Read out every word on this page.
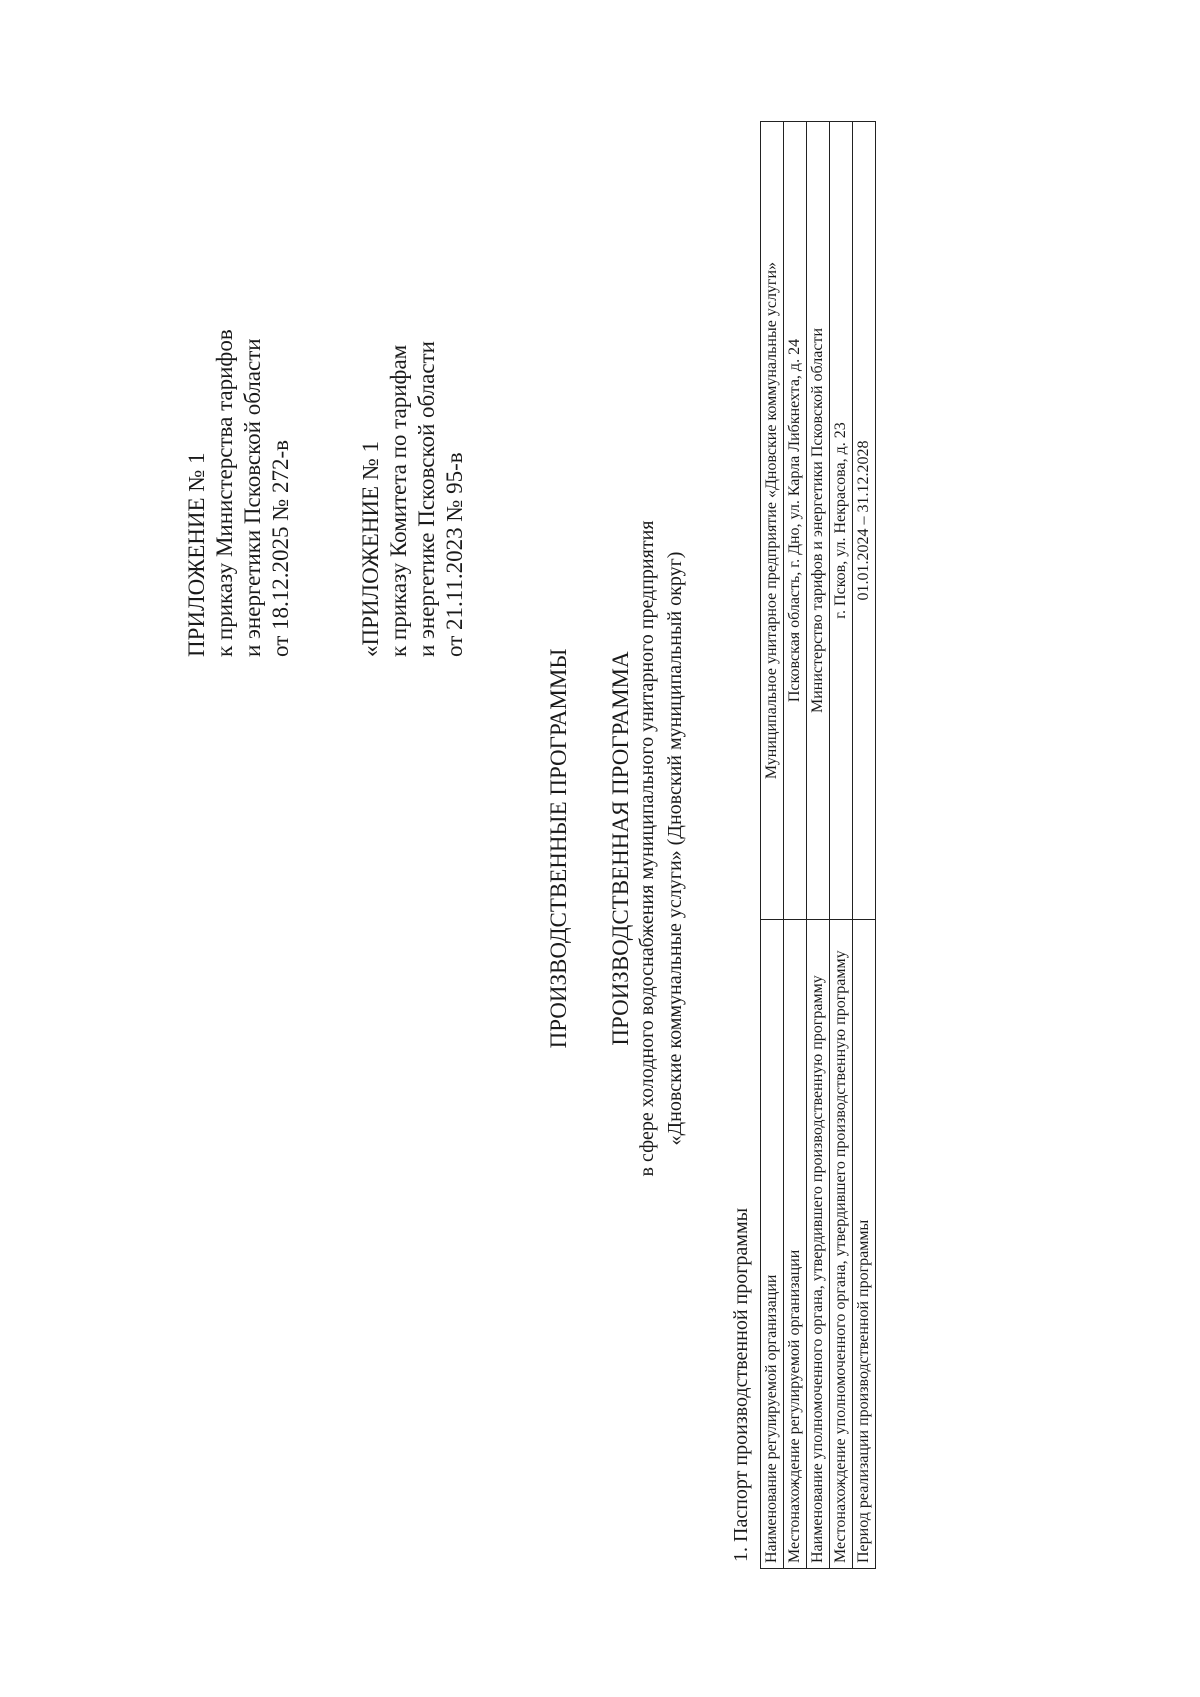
ПРИЛОЖЕНИЕ № 1 к приказу Министерства тарифов и энергетики Псковской области от 18.12.2025 № 272-в	«ПРИЛОЖЕНИЕ № 1 к приказу Комитета по тарифам и энергетике Псковской области от 21.11.2023 № 95-в
ПРОИЗВОДСТВЕННЫЕ ПРОГРАММЫ ПРОИЗВОДСТВЕННАЯ ПРОГРАММА в сфере холодного водоснабжения муниципального унитарного предприятия «Дновские коммунальные услуги» (Дновский муниципальный округ)
1. Паспорт производственной программы Наименование регулируемой организации	Муниципальное унитарное предприятие «Дновские коммунальные услуги»
Местонахождение регулируемой организации	Псковская область, г. Дно, ул. Карла Либкнехта, д. 24
Наименование уполномоченного органа, утвердившего производственную программу	Министерство тарифов и энергетики Псковской области
Местонахождение уполномоченного органа, утвердившего производственную программу	г. Псков, ул. Некрасова, д. 23
Период реализации производственной программы	01.01.2024 – 31.12.2028
